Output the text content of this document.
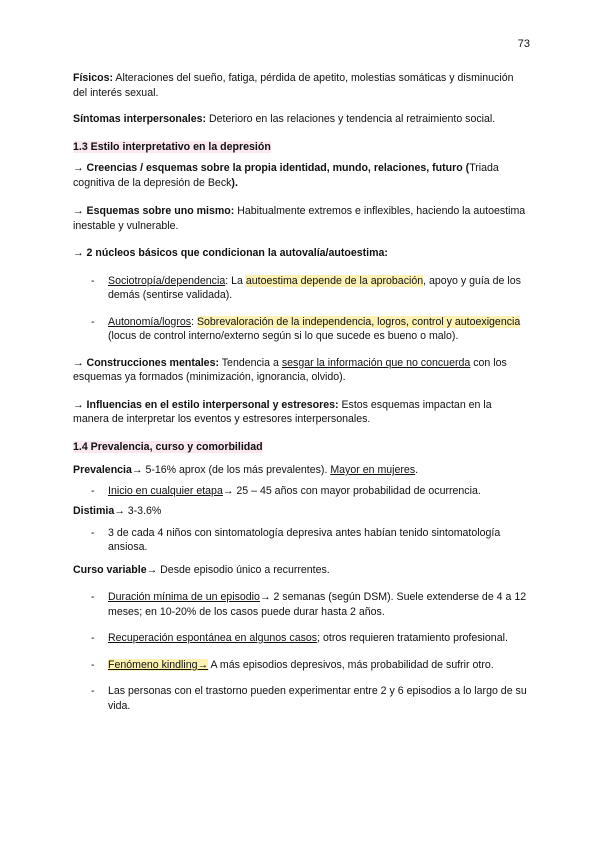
73

Físicos: Alteraciones del sueño, fatiga, pérdida de apetito, molestias somáticas y disminución del interés sexual.

Síntomas interpersonales: Deterioro en las relaciones y tendencia al retraimiento social.

1.3 Estilo interpretativo en la depresión

→ Creencias / esquemas sobre la propia identidad, mundo, relaciones, futuro (Triada cognitiva de la depresión de Beck).

→ Esquemas sobre uno mismo: Habitualmente extremos e inflexibles, haciendo la autoestima inestable y vulnerable.

→ 2 núcleos básicos que condicionan la autovalía/autoestima:

- Sociotropía/dependencia: La autoestima depende de la aprobación, apoyo y guía de los demás (sentirse validada).
- Autonomía/logros: Sobrevaloración de la independencia, logros, control y autoexigencia (locus de control interno/externo según si lo que sucede es bueno o malo).

→ Construcciones mentales: Tendencia a sesgar la información que no concuerda con los esquemas ya formados (minimización, ignorancia, olvido).

→ Influencias en el estilo interpersonal y estresores: Estos esquemas impactan en la manera de interpretar los eventos y estresores interpersonales.

1.4 Prevalencia, curso y comorbilidad

Prevalencia→ 5-16% aprox (de los más prevalentes). Mayor en mujeres.

- Inicio en cualquier etapa→ 25 – 45 años con mayor probabilidad de ocurrencia.

Distimia→ 3-3.6%

- 3 de cada 4 niños con sintomatología depresiva antes habían tenido sintomatología ansiosa.

Curso variable→ Desde episodio único a recurrentes.

- Duración mínima de un episodio→ 2 semanas (según DSM). Suele extenderse de 4 a 12 meses; en 10-20% de los casos puede durar hasta 2 años.
- Recuperación espontánea en algunos casos; otros requieren tratamiento profesional.
- Fenómeno kindling→ A más episodios depresivos, más probabilidad de sufrir otro.
- Las personas con el trastorno pueden experimentar entre 2 y 6 episodios a lo largo de su vida.
